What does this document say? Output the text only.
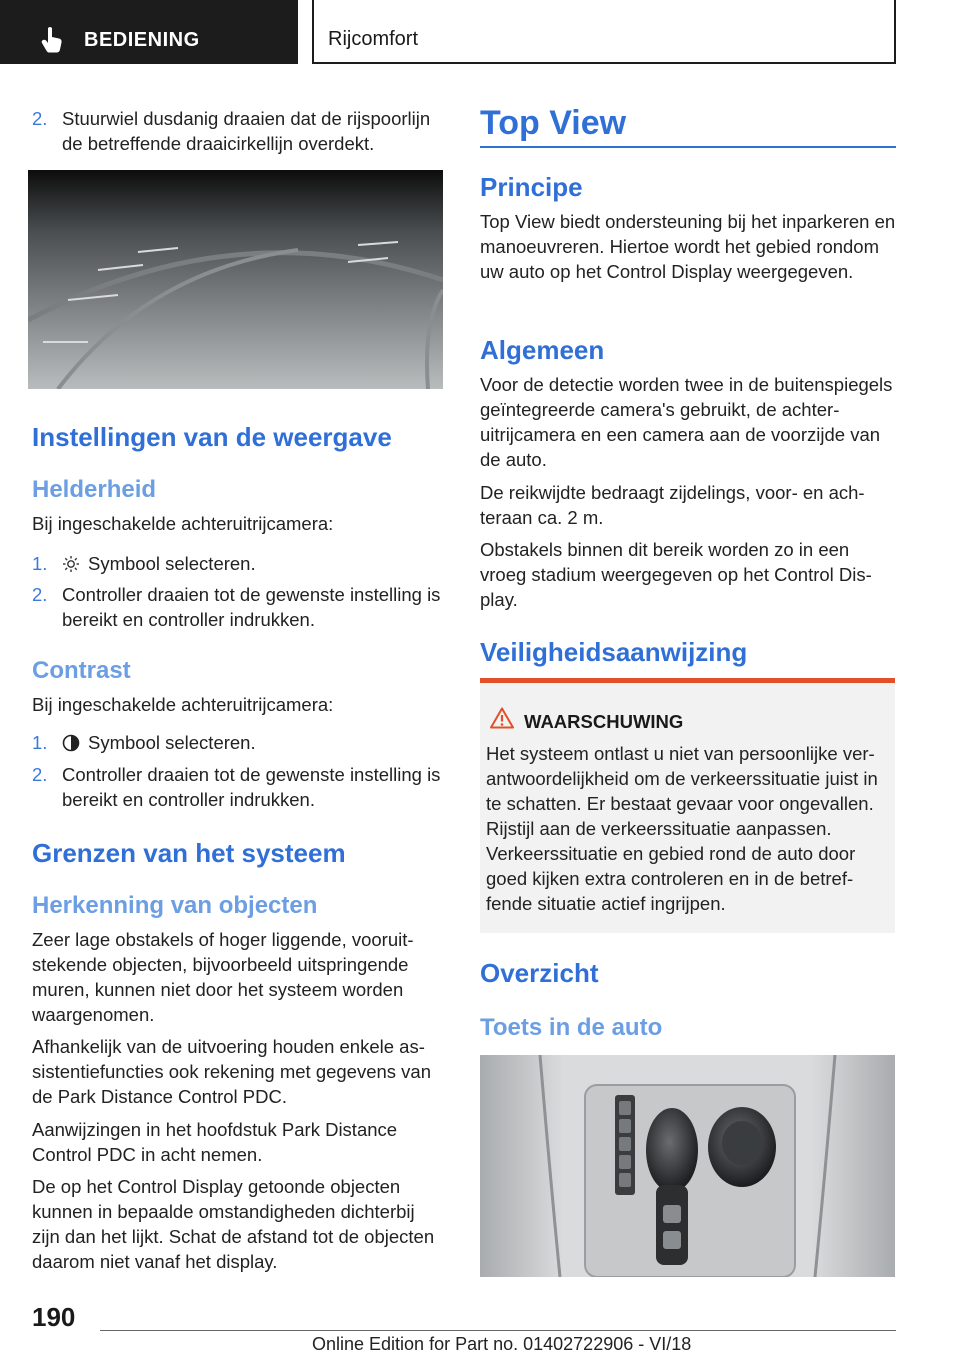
BEDIENING	Rijcomfort
2. Stuurwiel dusdanig draaien dat de rijspoorlijn de betreffende draaicirkellijn overdekt.
Instellingen van de weergave
Helderheid
Bij ingeschakelde achteruitrijcamera:
1.	Symbool selecteren.
2. Controller draaien tot de gewenste instelling is bereikt en controller indrukken.
Contrast
Bij ingeschakelde achteruitrijcamera:
1.	Symbool selecteren.
2. Controller draaien tot de gewenste instelling is bereikt en controller indrukken.
Grenzen van het systeem
Herkenning van objecten
Zeer lage obstakels of hoger liggende, vooruitstekende objecten, bijvoorbeeld uitspringende muren, kunnen niet door het systeem worden waargenomen.
Afhankelijk van de uitvoering houden enkele assistentiefuncties ook rekening met gegevens van de Park Distance Control PDC.
Aanwijzingen in het hoofdstuk Park Distance Control PDC in acht nemen.
De op het Control Display getoonde objecten kunnen in bepaalde omstandigheden dichterbij zijn dan het lijkt. Schat de afstand tot de objecten daarom niet vanaf het display.
Top View
Principe
Top View biedt ondersteuning bij het inparkeren en manoeuvreren. Hiertoe wordt het gebied rondom uw auto op het Control Display weergegeven.
Algemeen
Voor de detectie worden twee in de buitenspiegels geïntegreerde camera's gebruikt, de achteruitrijcamera en een camera aan de voorzijde van de auto.
De reikwijdte bedraagt zijdelings, voor- en achteraan ca. 2 m.
Obstakels binnen dit bereik worden zo in een vroeg stadium weergegeven op het Control Display.
Veiligheidsaanwijzing
WAARSCHUWING
Het systeem ontlast u niet van persoonlijke verantwoordelijkheid om de verkeerssituatie juist in te schatten. Er bestaat gevaar voor ongevallen. Rijstijl aan de verkeerssituatie aanpassen. Verkeerssituatie en gebied rond de auto door goed kijken extra controleren en in de betreffende situatie actief ingrijpen.
Overzicht
Toets in de auto
190
Online Edition for Part no. 01402722906 - VI/18
